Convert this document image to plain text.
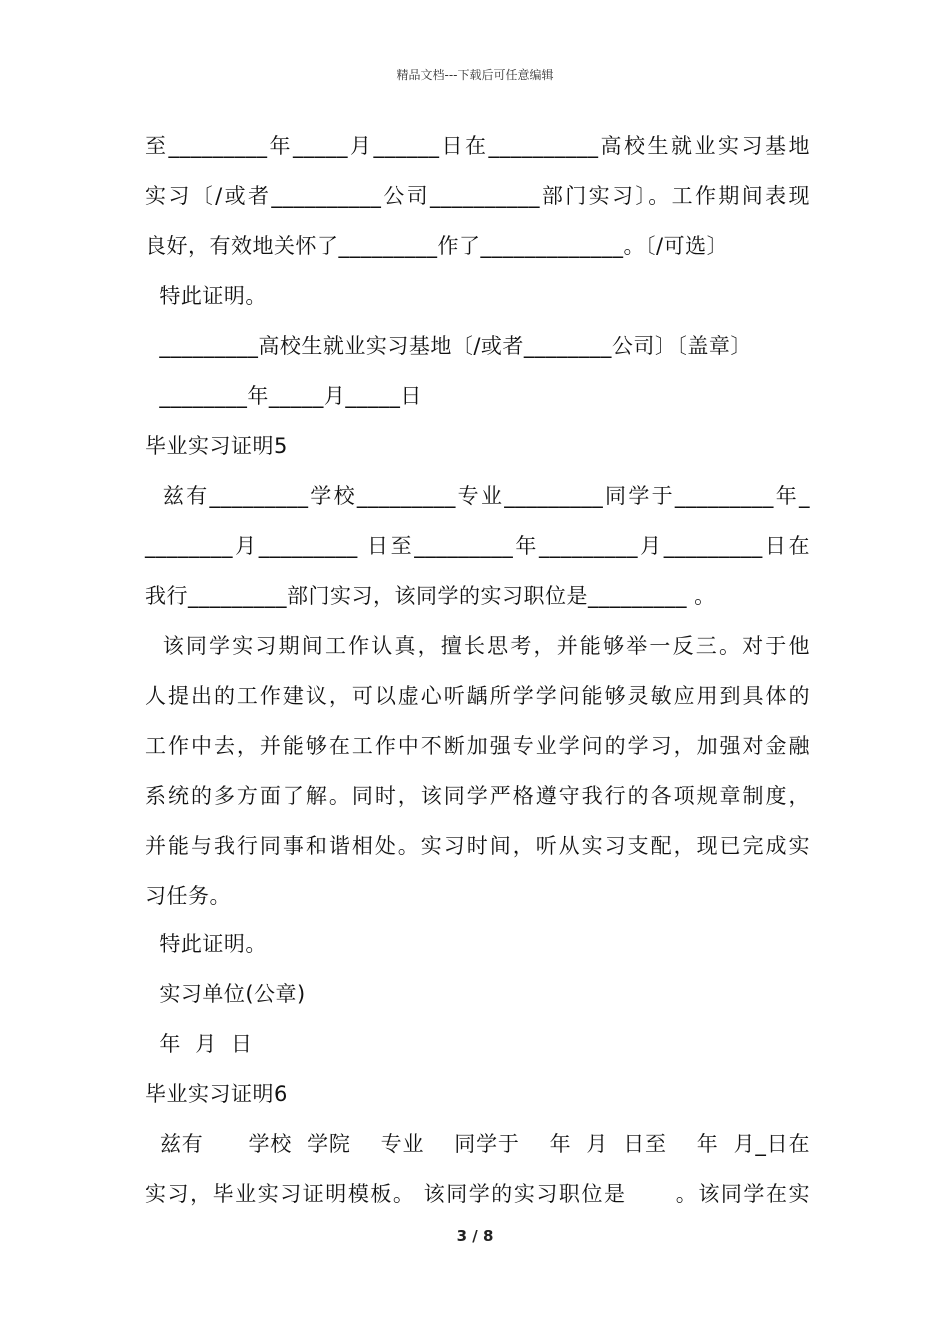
精品文档---下载后可任意编辑
至_________年_____月______日在__________高校生就业实习基地
实习〔/或者__________公司__________部门实习〕。工作期间表现
良好，有效地关怀了_________作了_____________。〔/可选〕
特此证明。
_________高校生就业实习基地〔/或者________公司〕〔盖章〕
________年_____月_____日
毕业实习证明5
兹有_________学校_________专业_________同学于_________年_
________月_________ 日至_________年_________月_________日在
我行_________部门实习，该同学的实习职位是_________ 。
该同学实习期间工作认真，擅长思考，并能够举一反三。对于他
人提出的工作建议，可以虚心听龋所学学问能够灵敏应用到具体的
工作中去，并能够在工作中不断加强专业学问的学习，加强对金融
系统的多方面了解。同时，该同学严格遵守我行的各项规章制度，
并能与我行同事和谐相处。实习时间，听从实习支配，现已完成实
习任务。
特此证明。
实习单位(公章)
年  月  日
毕业实习证明6
兹有      学校  学院    专业    同学于    年  月  日至    年  月_日在
实习，毕业实习证明模板。 该同学的实习职位是      。该同学在实
3 / 8
